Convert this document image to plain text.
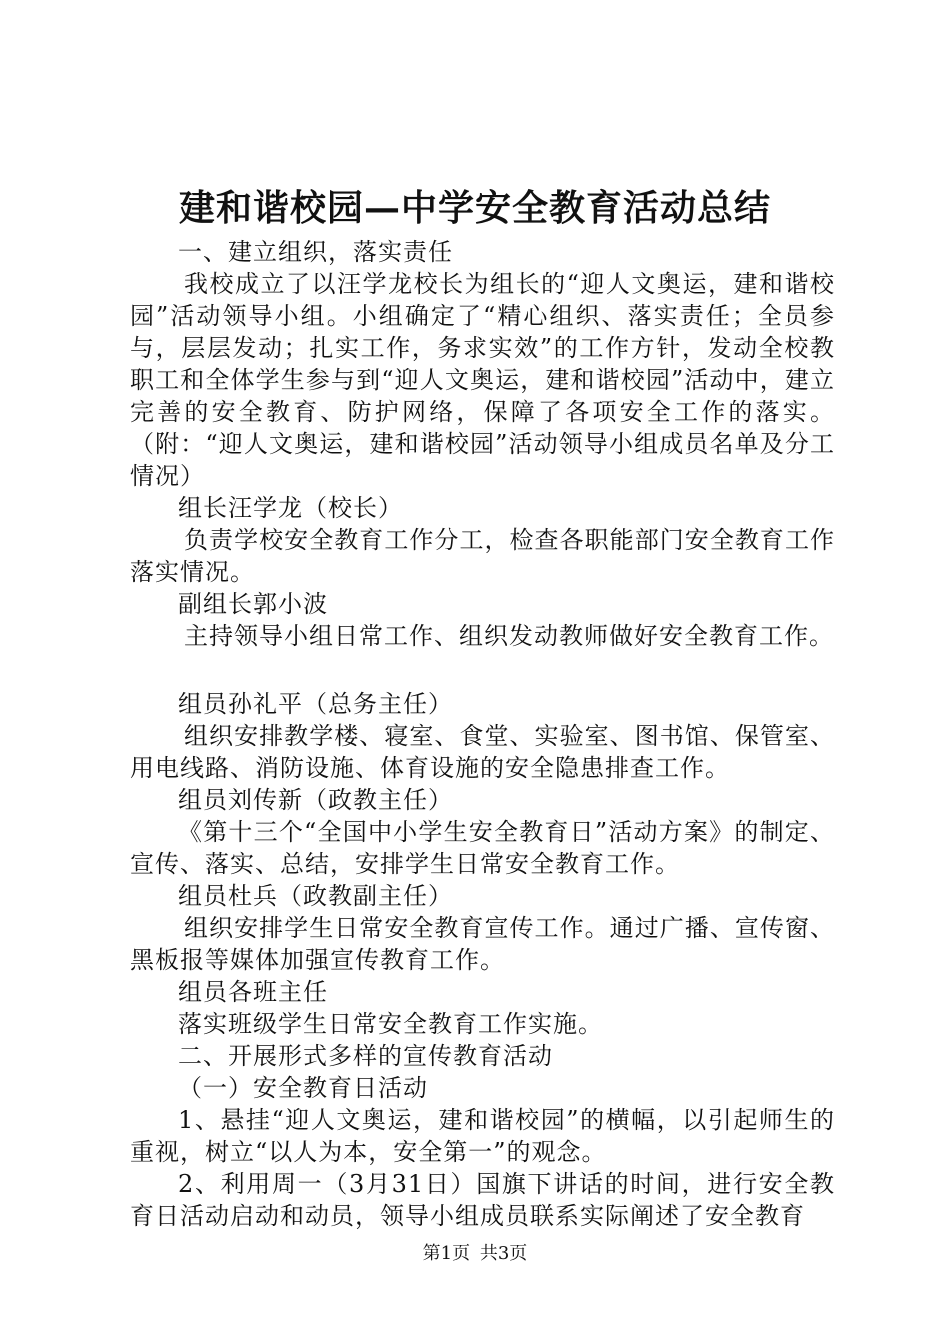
建和谐校园—中学安全教育活动总结

一、建立组织，落实责任

我校成立了以汪学龙校长为组长的“迎人文奥运，建和谐校园”活动领导小组。小组确定了“精心组织、落实责任；全员参与，层层发动；扎实工作，务求实效”的工作方针，发动全校教职工和全体学生参与到“迎人文奥运，建和谐校园”活动中，建立完善的安全教育、防护网络，保障了各项安全工作的落实。（附：“迎人文奥运，建和谐校园”活动领导小组成员名单及分工情况）

组长汪学龙（校长）

负责学校安全教育工作分工，检查各职能部门安全教育工作落实情况。

副组长郭小波

主持领导小组日常工作、组织发动教师做好安全教育工作。

组员孙礼平（总务主任）

组织安排教学楼、寝室、食堂、实验室、图书馆、保管室、用电线路、消防设施、体育设施的安全隐患排查工作。

组员刘传新（政教主任）

《第十三个“全国中小学生安全教育日”活动方案》的制定、宣传、落实、总结，安排学生日常安全教育工作。

组员杜兵（政教副主任）

组织安排学生日常安全教育宣传工作。通过广播、宣传窗、黑板报等媒体加强宣传教育工作。

组员各班主任

落实班级学生日常安全教育工作实施。

二、开展形式多样的宣传教育活动

（一）安全教育日活动

1、悬挂“迎人文奥运，建和谐校园”的横幅，以引起师生的重视，树立“以人为本，安全第一”的观念。

2、利用周一（3月31日）国旗下讲话的时间，进行安全教育日活动启动和动员，领导小组成员联系实际阐述了安全教育

第1页 共3页
